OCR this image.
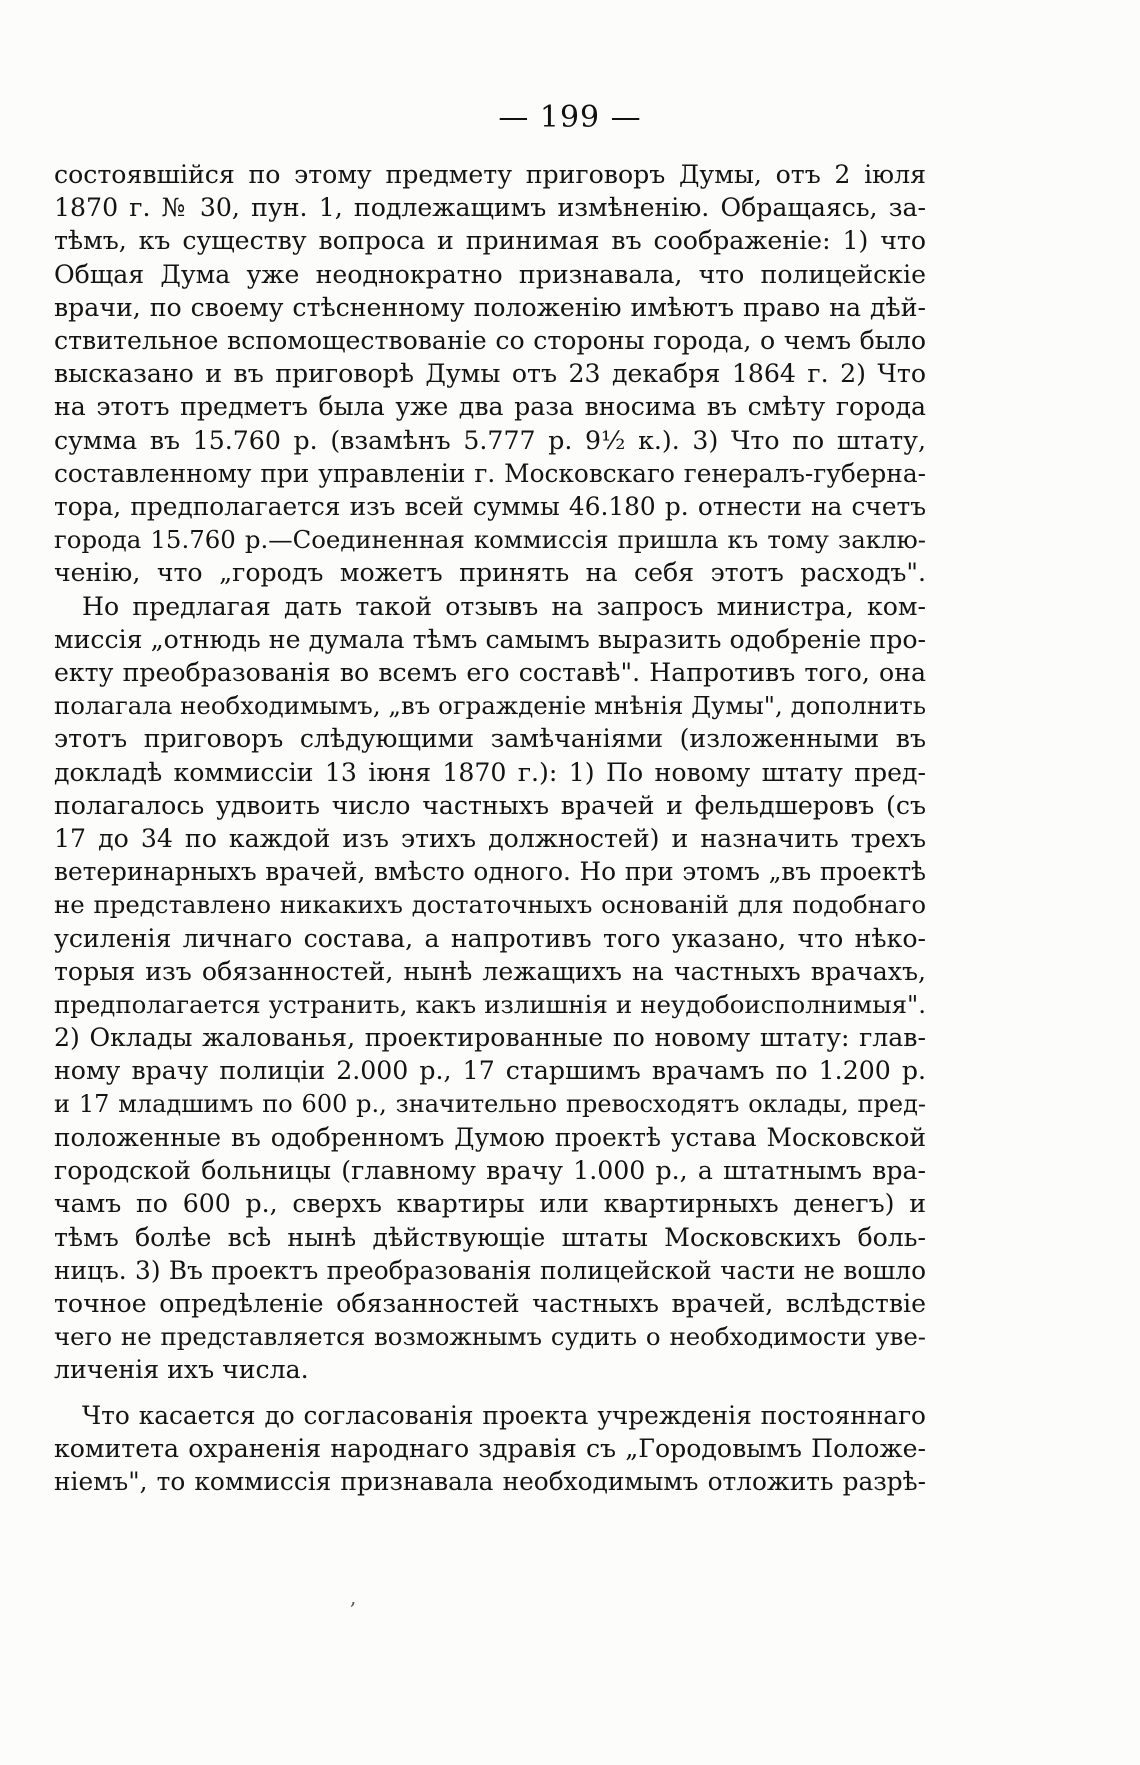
— 199 —
состоявшійся по этому предмету приговоръ Думы, отъ 2 іюля
1870 г. № 30, пун. 1, подлежащимъ измѣненію. Обращаясь, за-
тѣмъ, къ существу вопроса и принимая въ соображеніе: 1) что
Общая Дума уже неоднократно признавала, что полицейскіе
врачи, по своему стѣсненному положенію имѣютъ право на дѣй-
ствительное вспомоществованіе со стороны города, о чемъ было
высказано и въ приговорѣ Думы отъ 23 декабря 1864 г. 2) Что
на этотъ предметъ была уже два раза вносима въ смѣту города
сумма въ 15.760 р. (взамѣнъ 5.777 р. 9½ к.). 3) Что по штату,
составленному при управленіи г. Московскаго генералъ-губерна-
тора, предполагается изъ всей суммы 46.180 р. отнести на счетъ
города 15.760 р.—Соединенная коммиссія пришла къ тому заклю-
ченію, что „городъ можетъ принять на себя этотъ расходъ".
Но предлагая дать такой отзывъ на запросъ министра, ком-
миссія „отнюдь не думала тѣмъ самымъ выразить одобреніе про-
екту преобразованія во всемъ его составѣ". Напротивъ того, она
полагала необходимымъ, „въ огражденіе мнѣнія Думы", дополнить
этотъ приговоръ слѣдующими замѣчаніями (изложенными въ
докладѣ коммиссіи 13 іюня 1870 г.): 1) По новому штату пред-
полагалось удвоить число частныхъ врачей и фельдшеровъ (съ
17 до 34 по каждой изъ этихъ должностей) и назначить трехъ
ветеринарныхъ врачей, вмѣсто одного. Но при этомъ „въ проектѣ
не представлено никакихъ достаточныхъ основаній для подобнаго
усиленія личнаго состава, а напротивъ того указано, что нѣко-
торыя изъ обязанностей, нынѣ лежащихъ на частныхъ врачахъ,
предполагается устранить, какъ излишнія и неудобоисполнимыя".
2) Оклады жалованья, проектированные по новому штату: глав-
ному врачу полиціи 2.000 р., 17 старшимъ врачамъ по 1.200 р.
и 17 младшимъ по 600 р., значительно превосходятъ оклады, пред-
положенные въ одобренномъ Думою проектѣ устава Московской
городской больницы (главному врачу 1.000 р., а штатнымъ вра-
чамъ по 600 р., сверхъ квартиры или квартирныхъ денегъ) и
тѣмъ болѣе всѣ нынѣ дѣйствующіе штаты Московскихъ боль-
ницъ. 3) Въ проектъ преобразованія полицейской части не вошло
точное опредѣленіе обязанностей частныхъ врачей, вслѣдствіе
чего не представляется возможнымъ судить о необходимости уве-
личенія ихъ числа.
Что касается до согласованія проекта учрежденія постояннаго
комитета охраненія народнаго здравія съ „Городовымъ Положе-
ніемъ", то коммиссія признавала необходимымъ отложить разрѣ-
,
